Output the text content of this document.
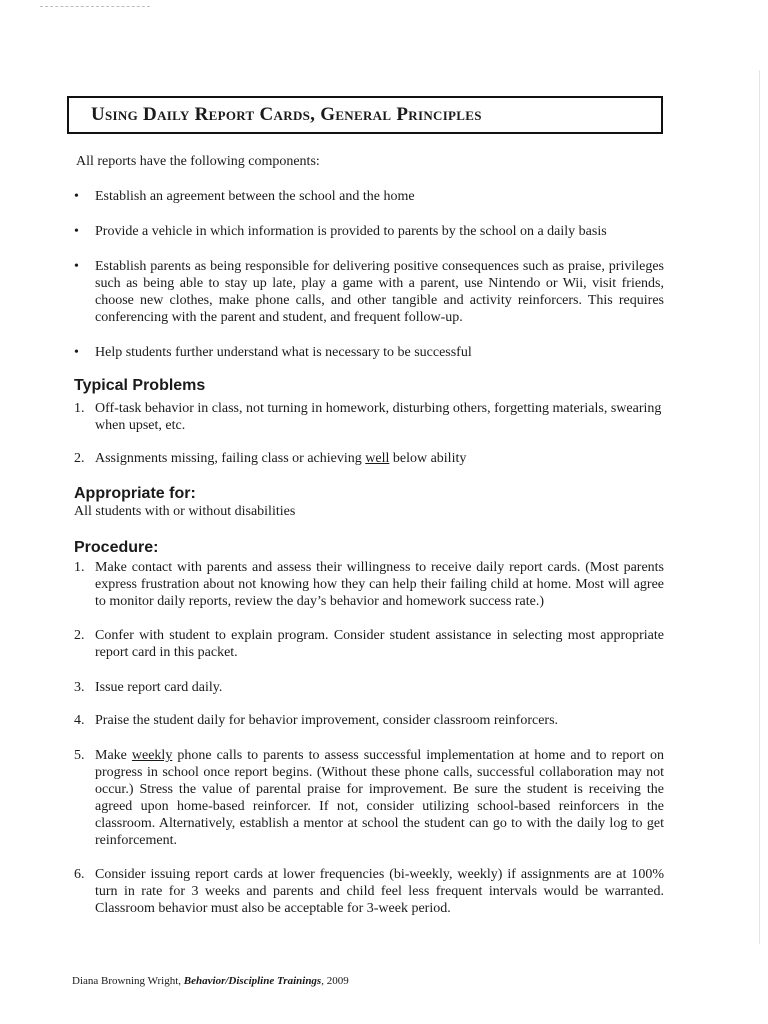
Using Daily Report Cards, General Principles

All reports have the following components:

• Establish an agreement between the school and the home
• Provide a vehicle in which information is provided to parents by the school on a daily basis
• Establish parents as being responsible for delivering positive consequences such as praise, privileges such as being able to stay up late, play a game with a parent, use Nintendo or Wii, visit friends, choose new clothes, make phone calls, and other tangible and activity reinforcers. This requires conferencing with the parent and student, and frequent follow-up.
• Help students further understand what is necessary to be successful
Typical Problems
1. Off-task behavior in class, not turning in homework, disturbing others, forgetting materials, swearing when upset, etc.
2. Assignments missing, failing class or achieving well below ability
Appropriate for:

All students with or without disabilities

Procedure:
1. Make contact with parents and assess their willingness to receive daily report cards. (Most parents express frustration about not knowing how they can help their failing child at home. Most will agree to monitor daily reports, review the day’s behavior and homework success rate.)
2. Confer with student to explain program. Consider student assistance in selecting most appropriate report card in this packet.
3. Issue report card daily.
4. Praise the student daily for behavior improvement, consider classroom reinforcers.
5. Make weekly phone calls to parents to assess successful implementation at home and to report on progress in school once report begins. (Without these phone calls, successful collaboration may not occur.) Stress the value of parental praise for improvement. Be sure the student is receiving the agreed upon home-based reinforcer. If not, consider utilizing school-based reinforcers in the classroom. Alternatively, establish a mentor at school the student can go to with the daily log to get reinforcement.
6. Consider issuing report cards at lower frequencies (bi-weekly, weekly) if assignments are at 100% turn in rate for 3 weeks and parents and child feel less frequent intervals would be warranted. Classroom behavior must also be acceptable for 3-week period.

Diana Browning Wright, Behavior/Discipline Trainings, 2009
